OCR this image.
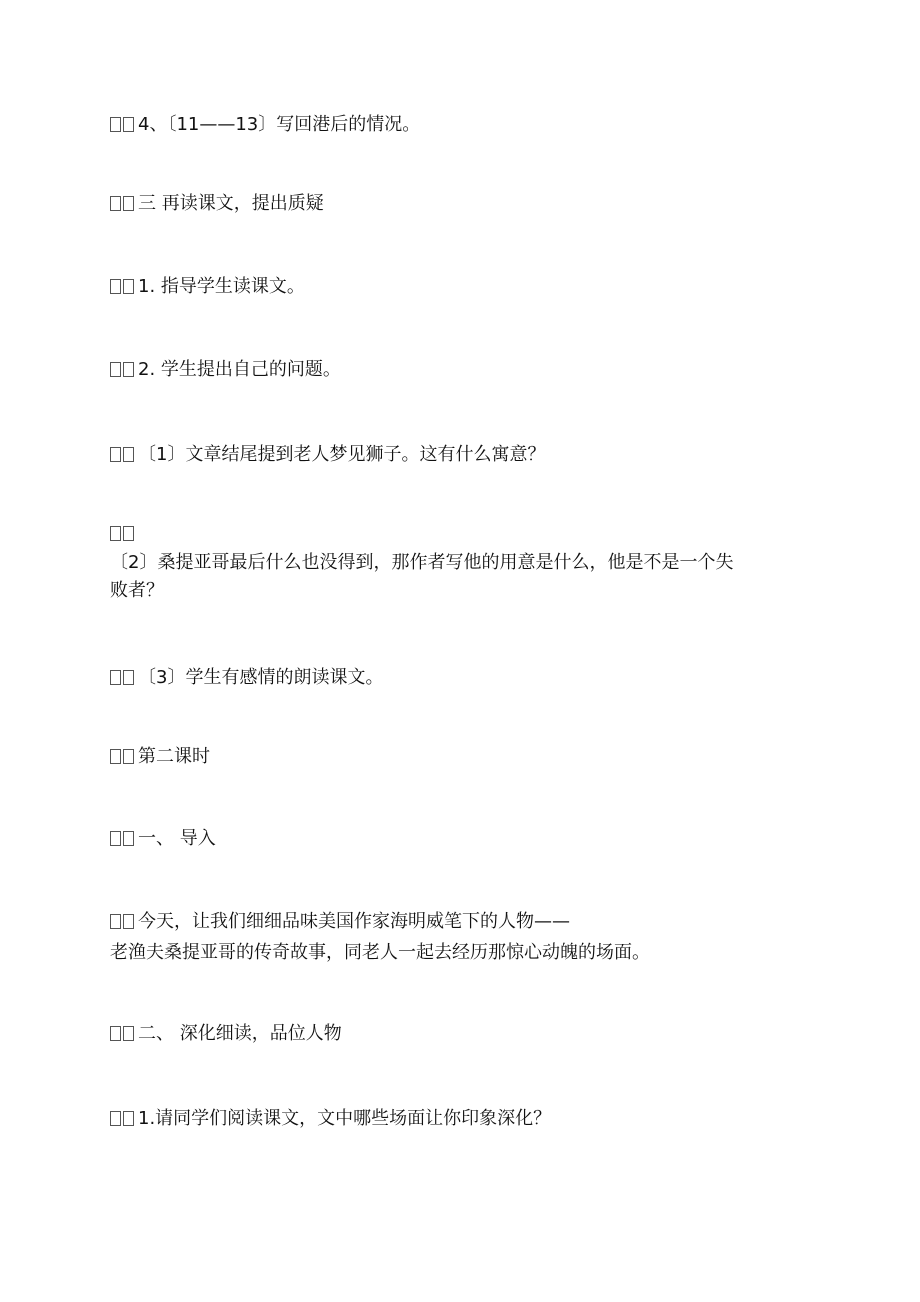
4、〔11——13〕写回港后的情况。
三 再读课文，提出质疑
1. 指导学生读课文。
2. 学生提出自己的问题。
〔1〕文章结尾提到老人梦见狮子。这有什么寓意？
〔2〕桑提亚哥最后什么也没得到，那作者写他的用意是什么，他是不是一个失
败者？
〔3〕学生有感情的朗读课文。
第二课时
一、 导入
今天，让我们细细品味美国作家海明威笔下的人物——
老渔夫桑提亚哥的传奇故事，同老人一起去经历那惊心动魄的场面。
二、 深化细读，品位人物
1.请同学们阅读课文，文中哪些场面让你印象深化？
